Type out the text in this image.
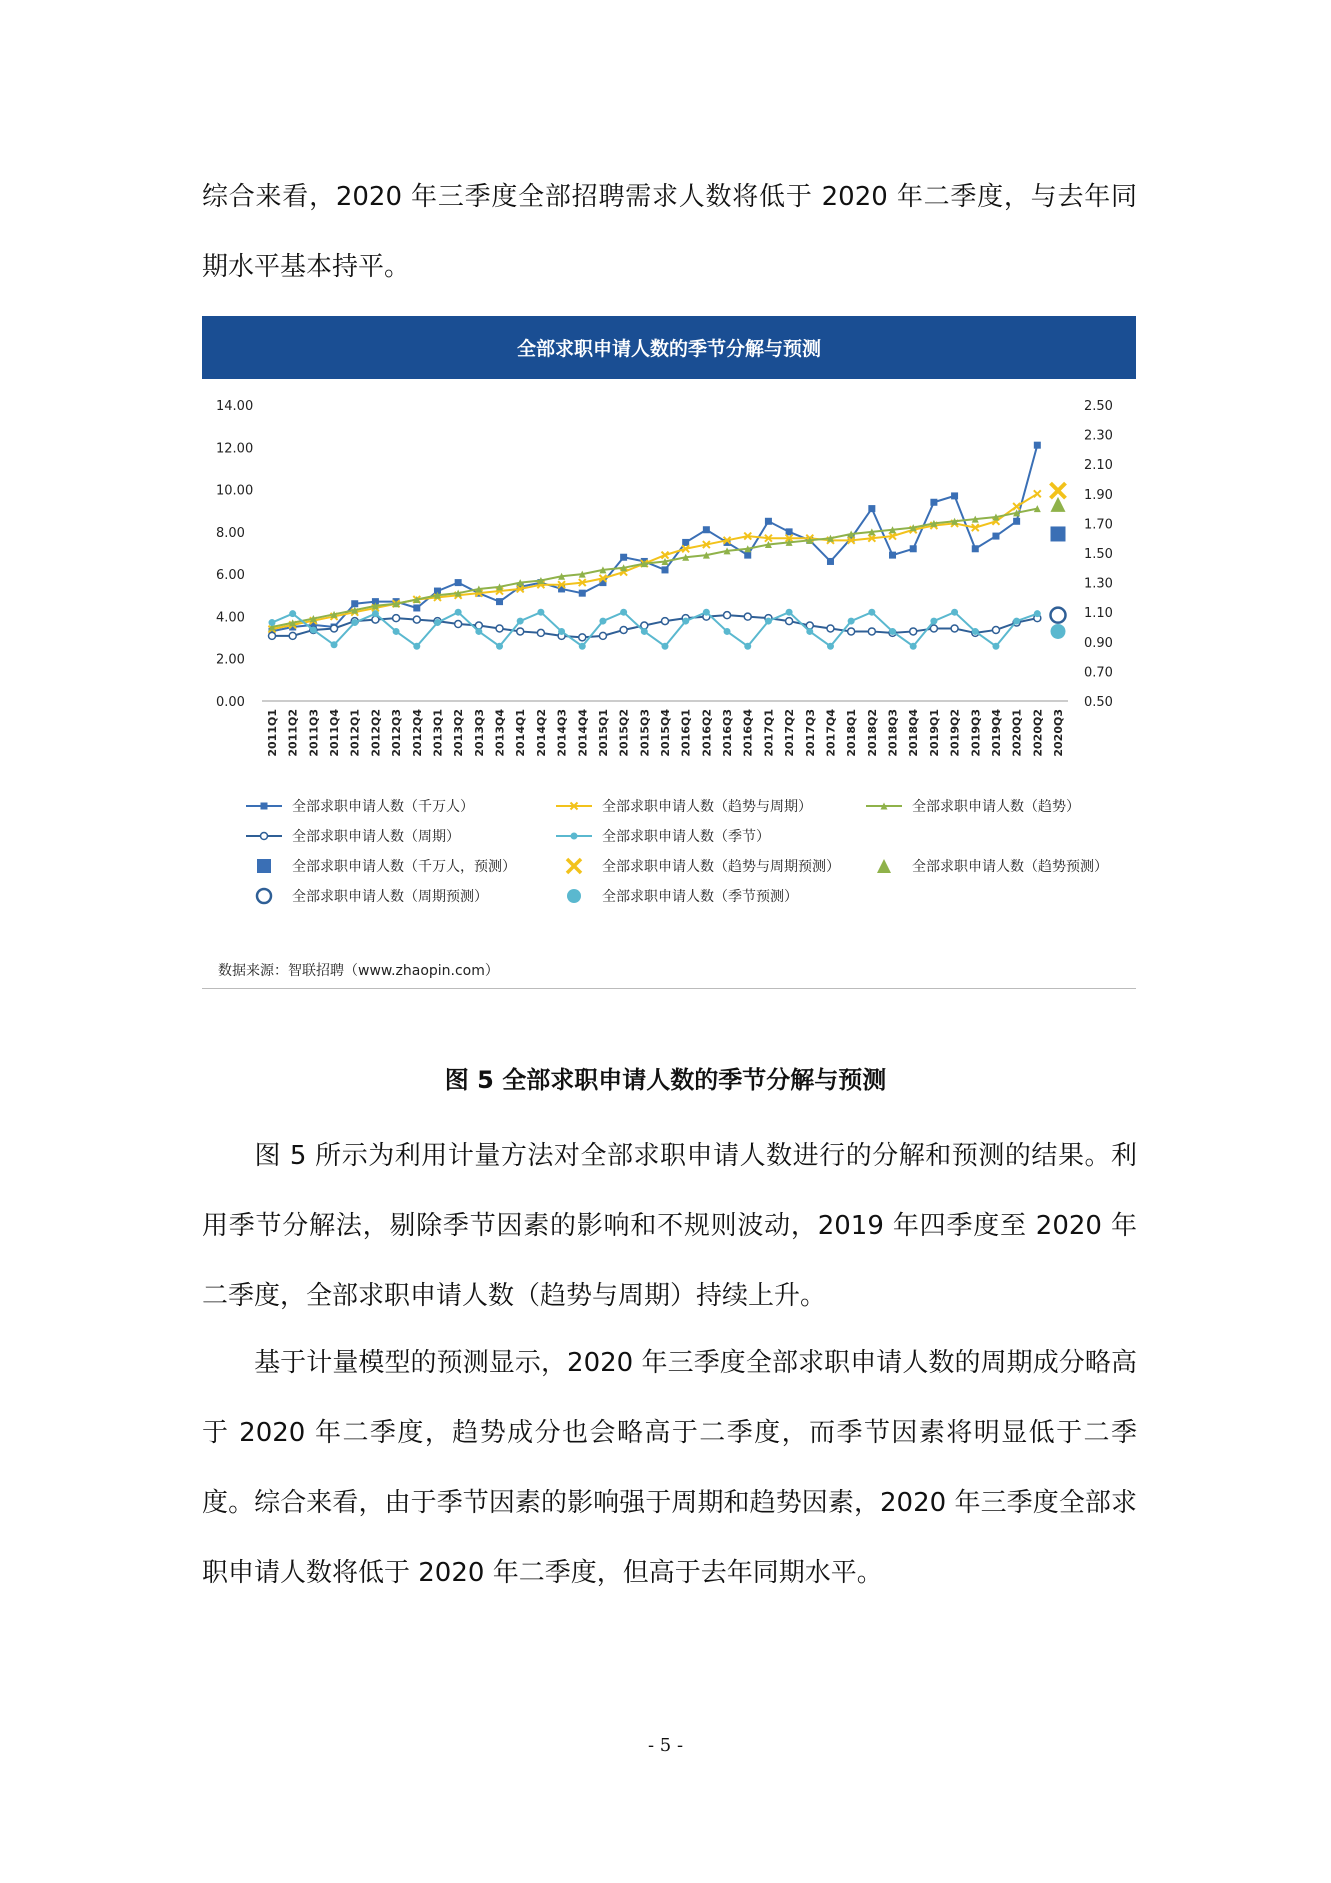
综合来看，2020 年三季度全部招聘需求人数将低于 2020 年二季度，与去年同期水平基本持平。

全部求职申请人数的季节分解与预测
0.00
2.00
4.00
6.00
8.00
10.00
12.00
14.00
0.50
0.70
0.90
1.10
1.30
1.50
1.70
1.90
2.10
2.30
2.50
2011Q1 2011Q2 2011Q3 2011Q4 2012Q1 2012Q2 2012Q3 2012Q4 2013Q1 2013Q2 2013Q3 2013Q4 2014Q1 2014Q2 2014Q3 2014Q4 2015Q1 2015Q2 2015Q3 2015Q4 2016Q1 2016Q2 2016Q3 2016Q4 2017Q1 2017Q2 2017Q3 2017Q4 2018Q1 2018Q2 2018Q3 2018Q4 2019Q1 2019Q2 2019Q3 2019Q4 2020Q1 2020Q2 2020Q3
全部求职申请人数（千万人）	全部求职申请人数（趋势与周期）	全部求职申请人数（趋势）
全部求职申请人数（周期）	全部求职申请人数（季节）
全部求职申请人数（千万人，预测）	全部求职申请人数（趋势与周期预测）	全部求职申请人数（趋势预测）
全部求职申请人数（周期预测）	全部求职申请人数（季节预测）
数据来源：智联招聘（www.zhaopin.com）
图 5 全部求职申请人数的季节分解与预测

图 5 所示为利用计量方法对全部求职申请人数进行的分解和预测的结果。利用季节分解法，剔除季节因素的影响和不规则波动，2019 年四季度至 2020 年二季度，全部求职申请人数（趋势与周期）持续上升。

基于计量模型的预测显示，2020 年三季度全部求职申请人数的周期成分略高于 2020 年二季度，趋势成分也会略高于二季度，而季节因素将明显低于二季度。综合来看，由于季节因素的影响强于周期和趋势因素，2020 年三季度全部求职申请人数将低于 2020 年二季度，但高于去年同期水平。

- 5 -
